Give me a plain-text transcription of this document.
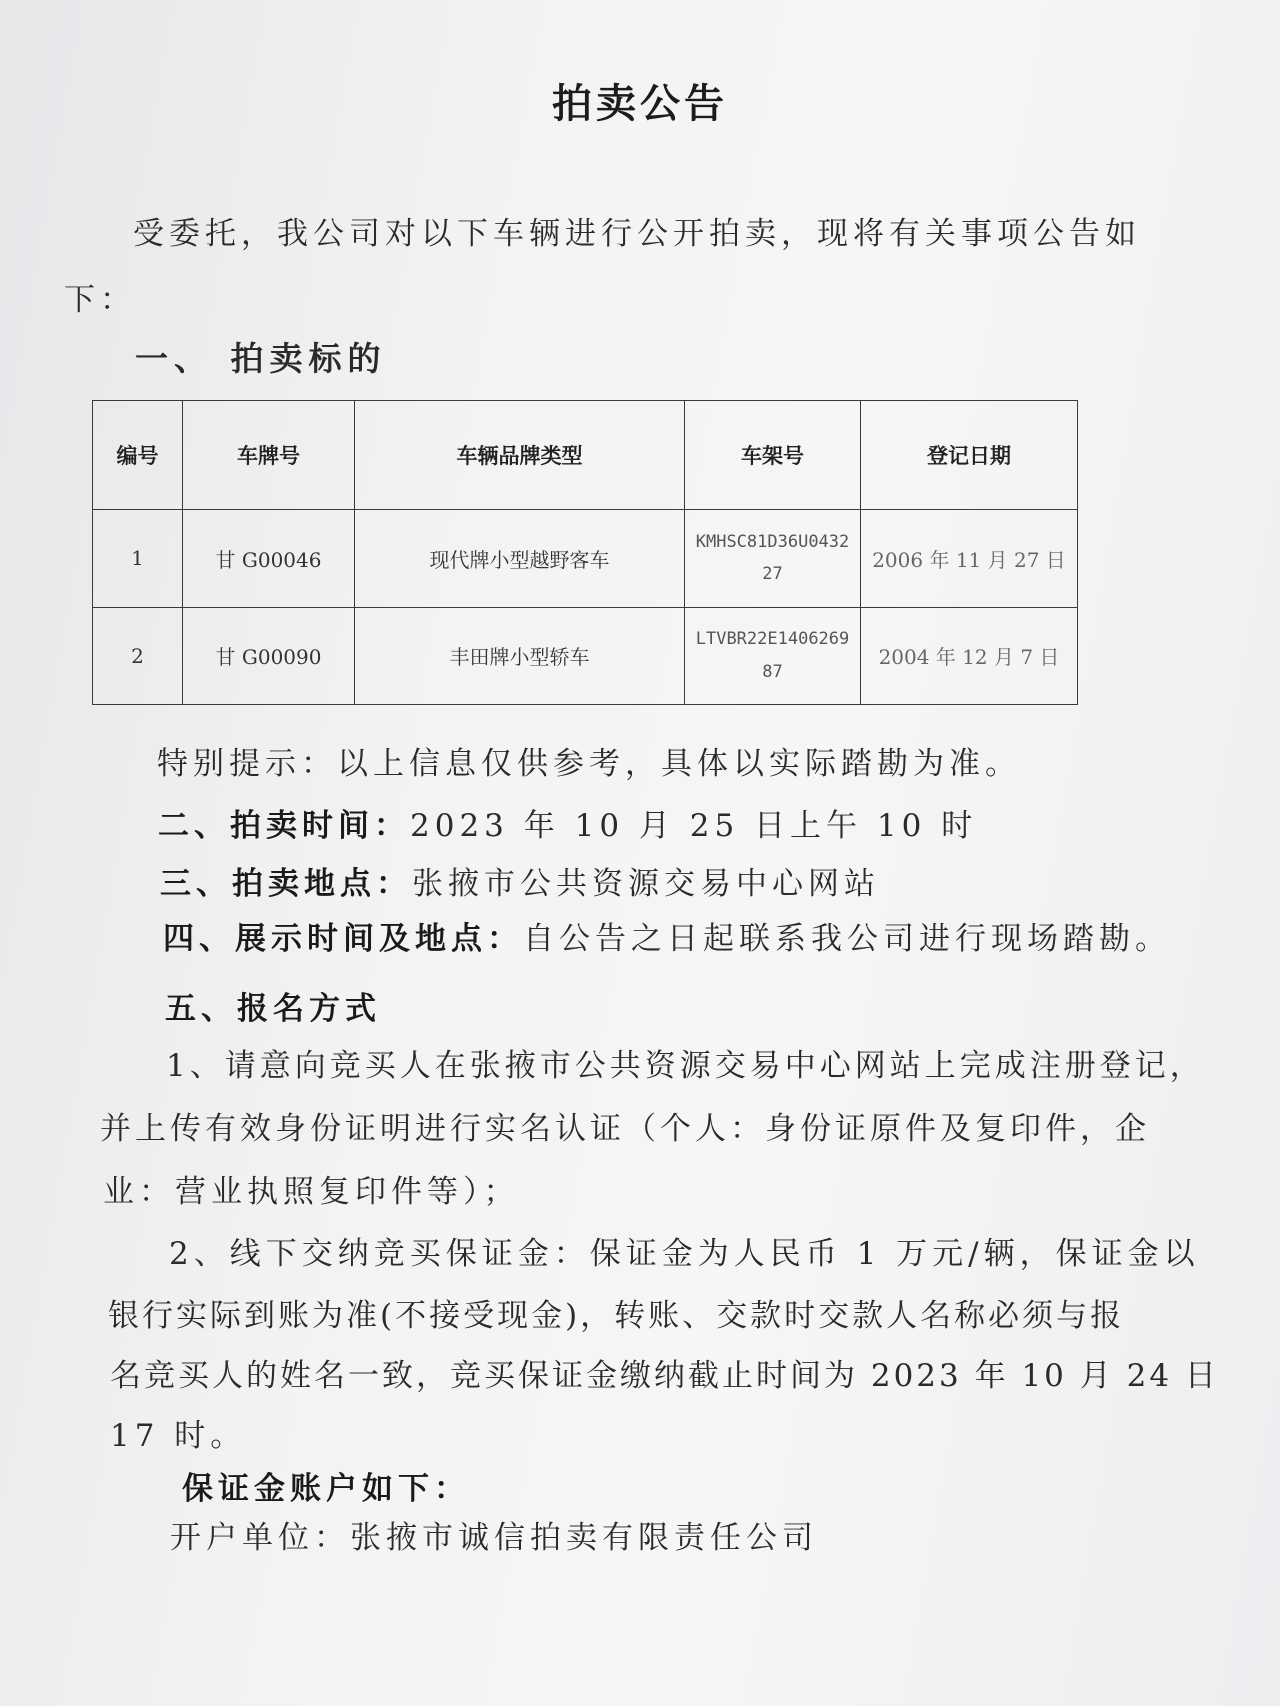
拍卖公告
受委托，我公司对以下车辆进行公开拍卖，现将有关事项公告如
下：
一、 拍卖标的
编号	车牌号	车辆品牌类型	车架号	登记日期
1	甘 G00046	现代牌小型越野客车	KMHSC81D36U043227	2006 年 11 月 27 日
2	甘 G00090	丰田牌小型轿车	LTVBR22E140626987	2004 年 12 月 7 日
特别提示：以上信息仅供参考，具体以实际踏勘为准。
二、拍卖时间：2023 年 10 月 25 日上午 10 时
三、拍卖地点：张掖市公共资源交易中心网站
四、展示时间及地点：自公告之日起联系我公司进行现场踏勘。
五、报名方式
1、请意向竞买人在张掖市公共资源交易中心网站上完成注册登记，
并上传有效身份证明进行实名认证（个人：身份证原件及复印件，企
业：营业执照复印件等）；
2、线下交纳竞买保证金：保证金为人民币 1 万元/辆，保证金以
银行实际到账为准(不接受现金)，转账、交款时交款人名称必须与报
名竞买人的姓名一致，竞买保证金缴纳截止时间为 2023 年 10 月 24 日
17 时。
保证金账户如下：
开户单位：张掖市诚信拍卖有限责任公司
